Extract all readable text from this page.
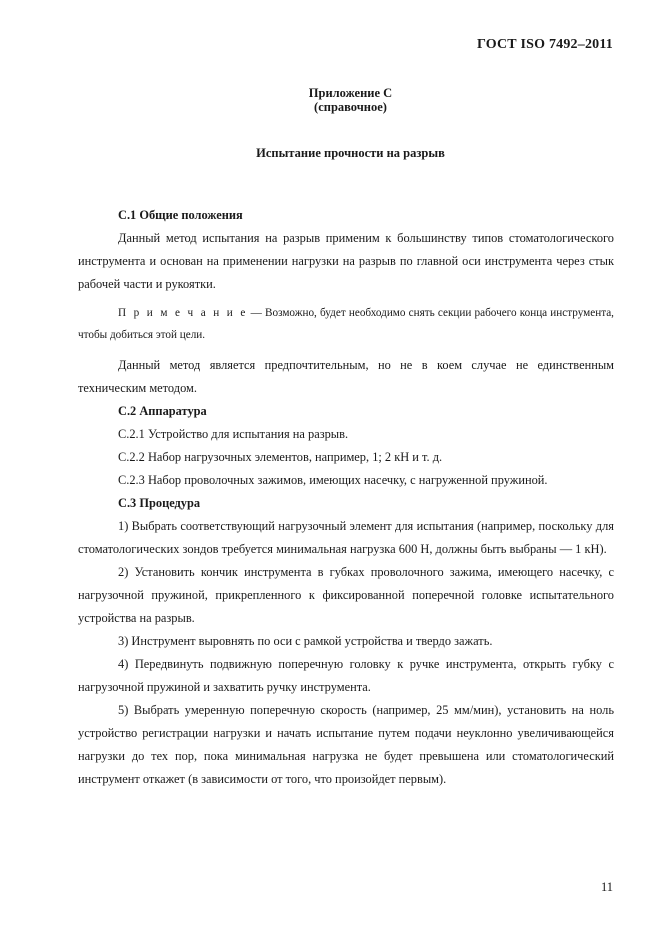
ГОСТ ISO 7492–2011
Приложение С
(справочное)
Испытание прочности на разрыв

С.1 Общие положения

Данный метод испытания на разрыв применим к большинству типов стоматологического инструмента и основан на применении нагрузки на разрыв по главной оси инструмента через стык рабочей части и рукоятки.

П р и м е ч а н и е — Возможно, будет необходимо снять секции рабочего конца инструмента, чтобы добиться этой цели.

Данный метод является предпочтительным, но не в коем случае не единственным техническим методом.

С.2 Аппаратура

С.2.1 Устройство для испытания на разрыв.

С.2.2 Набор нагрузочных элементов, например, 1; 2 кН и т. д.

С.2.3 Набор проволочных зажимов, имеющих насечку, с нагруженной пружиной.

С.3 Процедура

1) Выбрать соответствующий нагрузочный элемент для испытания (например, поскольку для стоматологических зондов требуется минимальная нагрузка 600 Н, должны быть выбраны — 1 кН).

2) Установить кончик инструмента в губках проволочного зажима, имеющего насечку, с нагрузочной пружиной, прикрепленного к фиксированной поперечной головке испытательного устройства на разрыв.

3) Инструмент выровнять по оси с рамкой устройства и твердо зажать.

4) Передвинуть подвижную поперечную головку к ручке инструмента, открыть губку с нагрузочной пружиной и захватить ручку инструмента.

5) Выбрать умеренную поперечную скорость (например, 25 мм/мин), установить на ноль устройство регистрации нагрузки и начать испытание путем подачи неуклонно увеличивающейся нагрузки до тех пор, пока минимальная нагрузка не будет превышена или стоматологический инструмент откажет (в зависимости от того, что произойдет первым).

11
